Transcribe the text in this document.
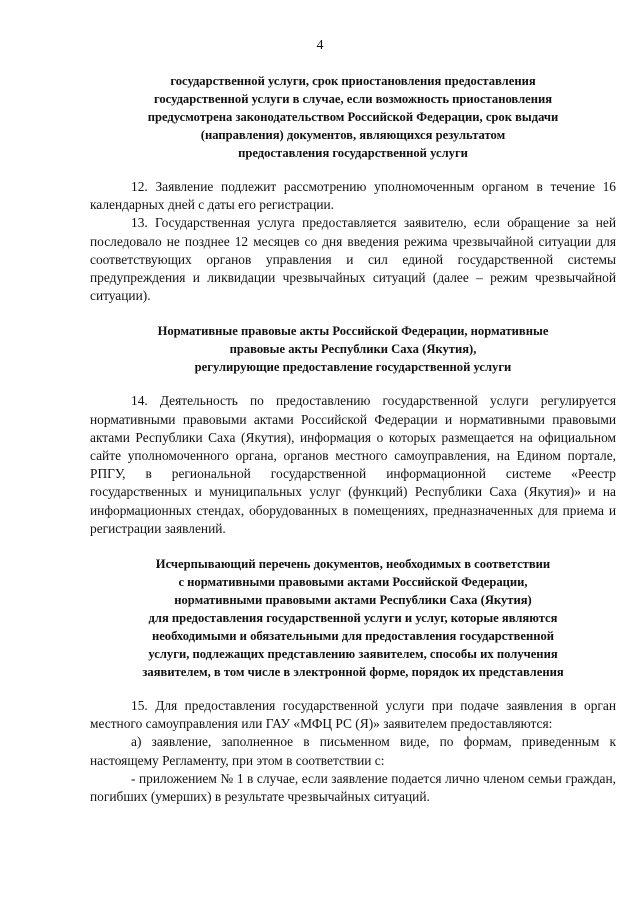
4

государственной услуги, срок приостановления предоставления

государственной услуги в случае, если возможность приостановления

предусмотрена законодательством Российской Федерации, срок выдачи

(направления) документов, являющихся результатом

предоставления государственной услуги

12. Заявление подлежит рассмотрению уполномоченным органом в течение 16 календарных дней с даты его регистрации.

13. Государственная услуга предоставляется заявителю, если обращение за ней последовало не позднее 12 месяцев со дня введения режима чрезвычайной ситуации для соответствующих органов управления и сил единой государственной системы предупреждения и ликвидации чрезвычайных ситуаций (далее – режим чрезвычайной ситуации).

Нормативные правовые акты Российской Федерации, нормативные

правовые акты Республики Саха (Якутия),

регулирующие предоставление государственной услуги

14. Деятельность по предоставлению государственной услуги регулируется нормативными правовыми актами Российской Федерации и нормативными правовыми актами Республики Саха (Якутия), информация о которых размещается на официальном сайте уполномоченного органа, органов местного самоуправления, на Едином портале, РПГУ, в региональной государственной информационной системе «Реестр государственных и муниципальных услуг (функций) Республики Саха (Якутия)» и на информационных стендах, оборудованных в помещениях, предназначенных для приема и регистрации заявлений.

Исчерпывающий перечень документов, необходимых в соответствии

с нормативными правовыми актами Российской Федерации,

нормативными правовыми актами Республики Саха (Якутия)

для предоставления государственной услуги и услуг, которые являются

необходимыми и обязательными для предоставления государственной

услуги, подлежащих представлению заявителем, способы их получения

заявителем, в том числе в электронной форме, порядок их представления

15. Для предоставления государственной услуги при подаче заявления в орган местного самоуправления или ГАУ «МФЦ РС (Я)» заявителем предоставляются:

а) заявление, заполненное в письменном виде, по формам, приведенным к настоящему Регламенту, при этом в соответствии с:

- приложением № 1 в случае, если заявление подается лично членом семьи граждан, погибших (умерших) в результате чрезвычайных ситуаций.
